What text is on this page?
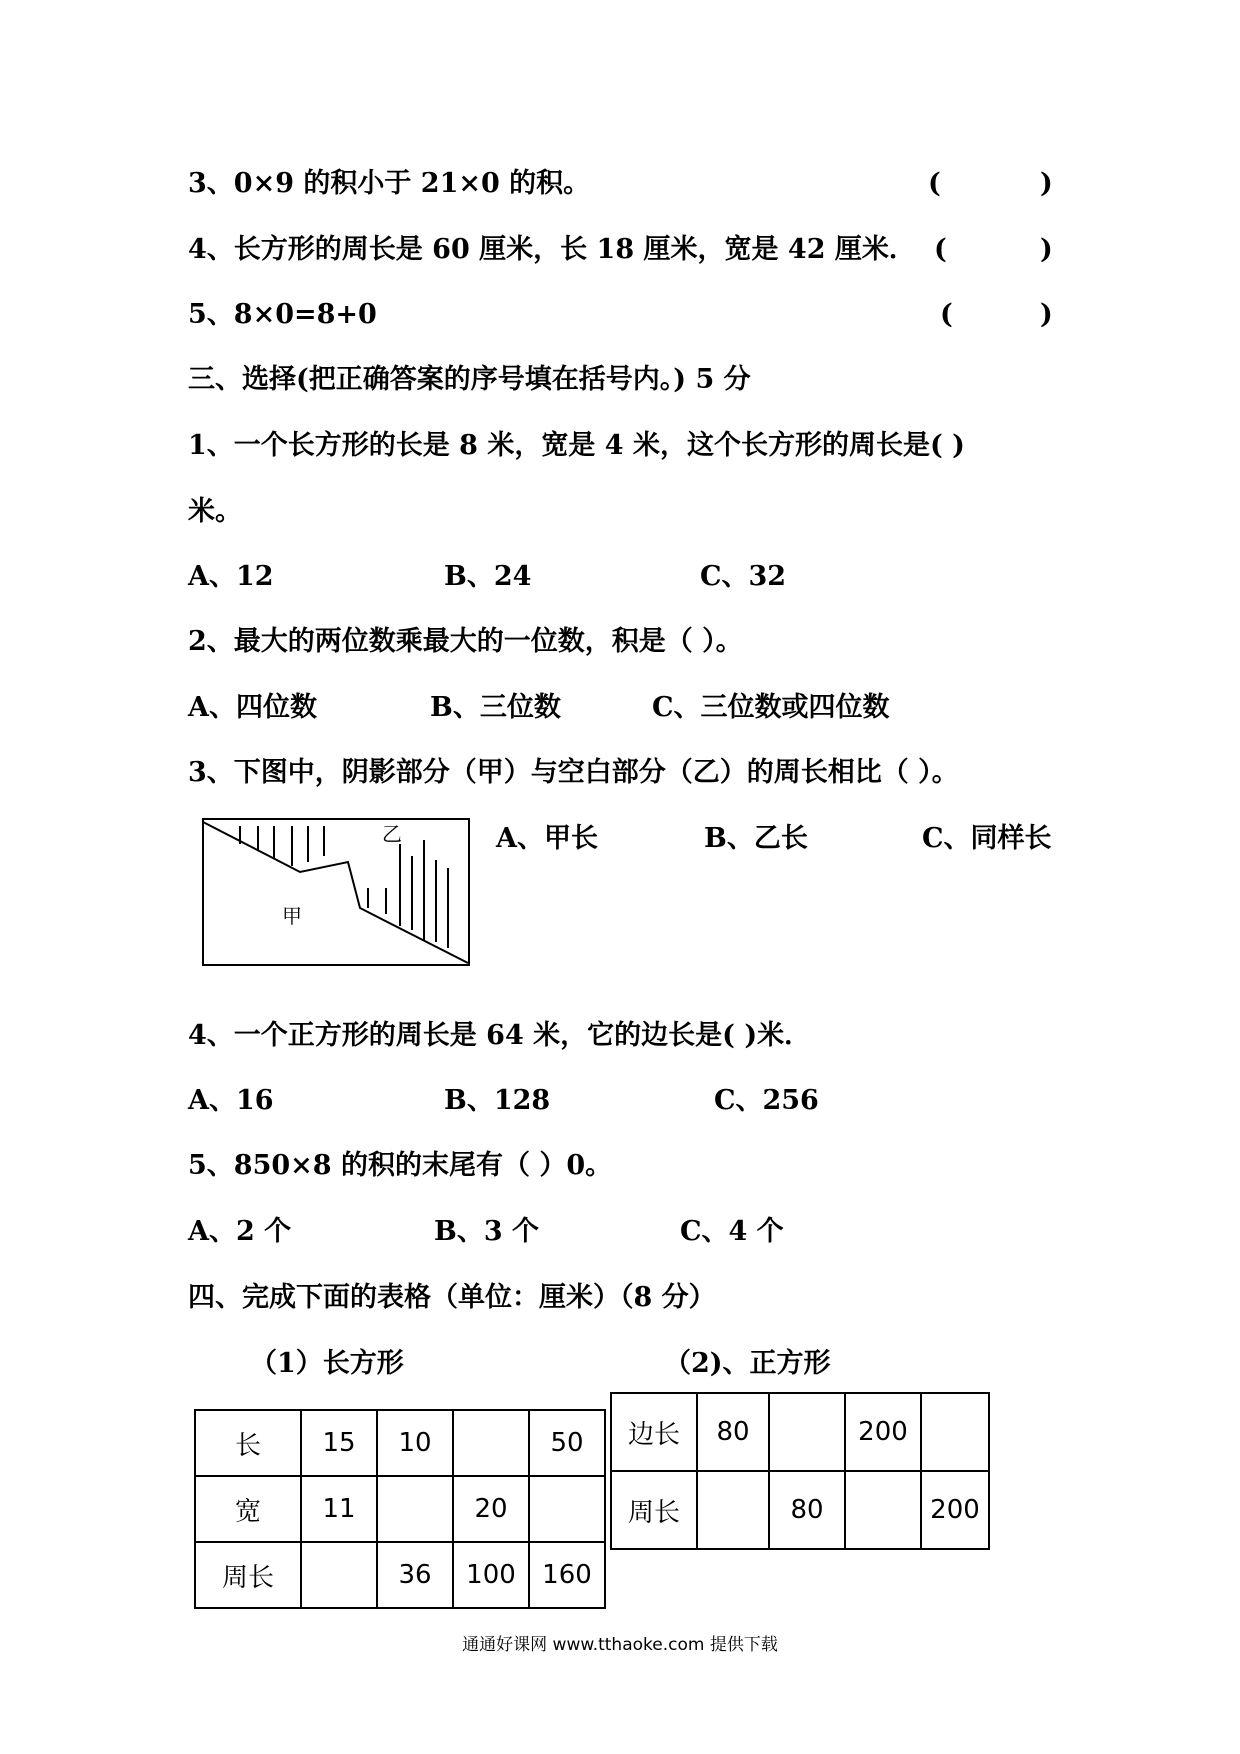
3、0×9 的积小于 21×0 的积。	(	)
4、长方形的周长是 60 厘米，长 18 厘米，宽是 42 厘米． (	)
5、8×0=8+0	(	)
三、选择(把正确答案的序号填在括号内。) 5 分
1、一个长方形的长是 8 米，宽是 4 米，这个长方形的周长是( )
米。
A、12	B、24	C、32
2、最大的两位数乘最大的一位数，积是（ ）。
A、四位数	B、三位数	C、三位数或四位数
3、下图中，阴影部分（甲）与空白部分（乙）的周长相比（ ）。
甲
乙	A、甲长	B、乙长	C、同样长
4、一个正方形的周长是 64 米，它的边长是( )米．
A、16	B、128	C、256
5、850×8 的积的末尾有（ ）0。
A、2 个	B、3 个	C、4 个
四、完成下面的表格（单位：厘米）（8 分）
（1）长方形	（2)、正方形
长	15	10		50
宽	11		20	
周长		36	100	160
边长	80		200	
周长		80		200
通通好课网 www.tthaoke.com 提供下载
